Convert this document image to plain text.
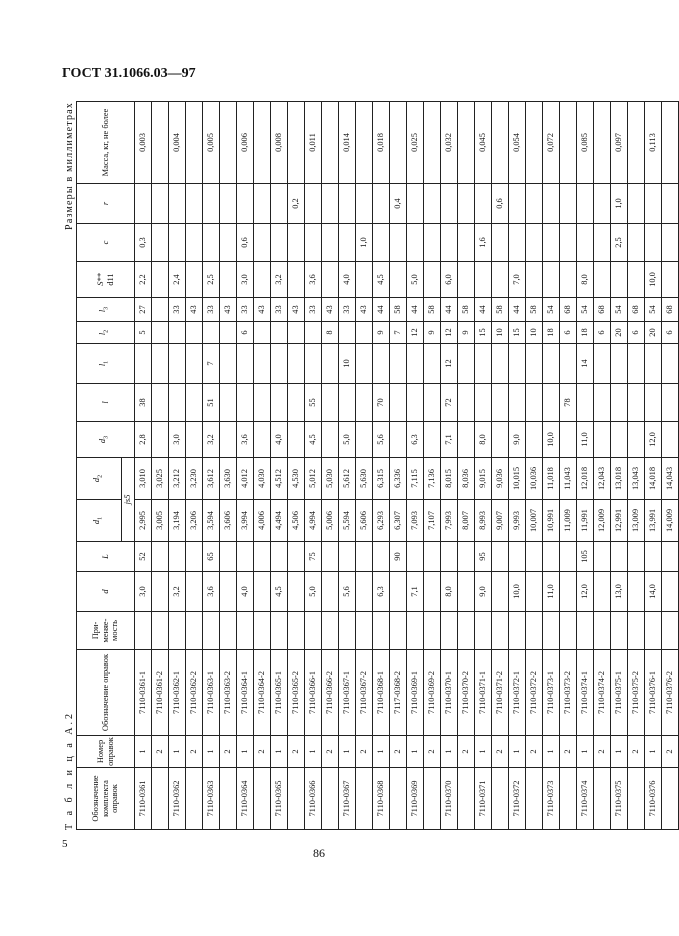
ГОСТ 31.1066.03—97
5
86
Т а б л и ц а А.2
Размеры в миллиметрах
Обозначение комплекта оправок	Номер оправок	Обозначение оправок	При-меняе-мость	d	L	$d_1$	$d_2$	$d_3$	l	$l_1$	$l_2$	$l_3$	S**
d11	c	r	Масса, кг, не более
						js5										
7110-0361	1	7110-0361-1		3,0	52	2,995	3,010	2,8	38		5	27	2,2	0,3		0,003
	2	7110-0361-2				3,005	3,025									
7110-0362	1	7110-0362-1		3,2		3,194	3,212	3,0				33	2,4			0,004
	2	7110-0362-2				3,206	3,230					43				
7110-0363	1	7110-0363-1		3,6	65	3,594	3,612	3,2	51	7		33	2,5			0,005
	2	7110-0363-2				3,606	3,630					43				
7110-0364	1	7110-0364-1		4,0		3,994	4,012	3,6			6	33	3,0	0,6		0,006
	2	7110-0364-2				4,006	4,030					43				
7110-0365	1	7110-0365-1		4,5		4,494	4,512	4,0				33	3,2			0,008
	2	7110-0365-2				4,506	4,530					43			0,2	
7110-0366	1	7110-0366-1		5,0	75	4,994	5,012	4,5	55			33	3,6			0,011
	2	7110-0366-2				5,006	5,030				8	43				
7110-0367	1	7110-0367-1		5,6		5,594	5,612	5,0		10		33	4,0			0,014
	2	7110-0367-2				5,606	5,630					43		1,0		
7110-0368	1	7110-0368-1		6,3		6,293	6,315	5,6	70		9	44	4,5			0,018
	2	7117-0368-2			90	6,307	6,336				7	58			0,4	
7110-0369	1	7110-0369-1		7,1		7,093	7,115	6,3			12	44	5,0			0,025
	2	7110-0369-2				7,107	7,136				9	58				
7110-0370	1	7110-0370-1		8,0		7,993	8,015	7,1	72	12	12	44	6,0			0,032
	2	7110-0370-2				8,007	8,036				9	58				
7110-0371	1	7110-0371-1		9,0	95	8,993	9,015	8,0			15	44		1,6		0,045
	2	7110-0371-2				9,007	9,036				10	58			0,6	
7110-0372	1	7110-0372-1		10,0		9,993	10,015	9,0			15	44	7,0			0,054
	2	7110-0372-2				10,007	10,036				10	58				
7110-0373	1	7110-0373-1		11,0		10,991	11,018	10,0			18	54				0,072
	2	7110-0373-2				11,009	11,043		78		6	68				
7110-0374	1	7110-0374-1		12,0	105	11,991	12,018	11,0		14	18	54	8,0			0,085
	2	7110-0374-2				12,009	12,043				6	68				
7110-0375	1	7110-0375-1		13,0		12,991	13,018				20	54		2,5	1,0	0,097
	2	7110-0375-2				13,009	13,043				6	68				
7110-0376	1	7110-0376-1		14,0		13,991	14,018	12,0			20	54	10,0			0,113
	2	7110-0376-2				14,009	14,043				6	68				
